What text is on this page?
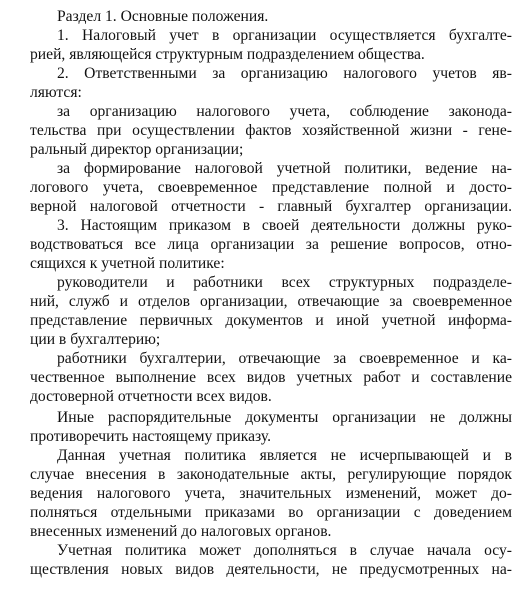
Раздел 1. Основные положения.
1. Налоговый учет в организации осуществляется бухгалте-
рией, являющейся структурным подразделением общества.
2. Ответственными за организацию налогового учетов яв-
ляются:
за организацию налогового учета, соблюдение законода-
тельства при осуществлении фактов хозяйственной жизни - гене-
ральный директор организации;
за формирование налоговой учетной политики, ведение на-
логового учета, своевременное представление полной и досто-
верной налоговой отчетности - главный бухгалтер организации.
3. Настоящим приказом в своей деятельности должны руко-
водствоваться все лица организации за решение вопросов, отно-
сящихся к учетной политике:
руководители и работники всех структурных подразделе-
ний, служб и отделов организации, отвечающие за своевременное
представление первичных документов и иной учетной информа-
ции в бухгалтерию;
работники бухгалтерии, отвечающие за своевременное и ка-
чественное выполнение всех видов учетных работ и составление
достоверной отчетности всех видов.
Иные распорядительные документы организации не должны
противоречить настоящему приказу.
Данная учетная политика является не исчерпывающей и в
случае внесения в законодательные акты, регулирующие порядок
ведения налогового учета, значительных изменений, может до-
полняться отдельными приказами во организации с доведением
внесенных изменений до налоговых органов.
Учетная политика может дополняться в случае начала осу-
ществления новых видов деятельности, не предусмотренных на-
